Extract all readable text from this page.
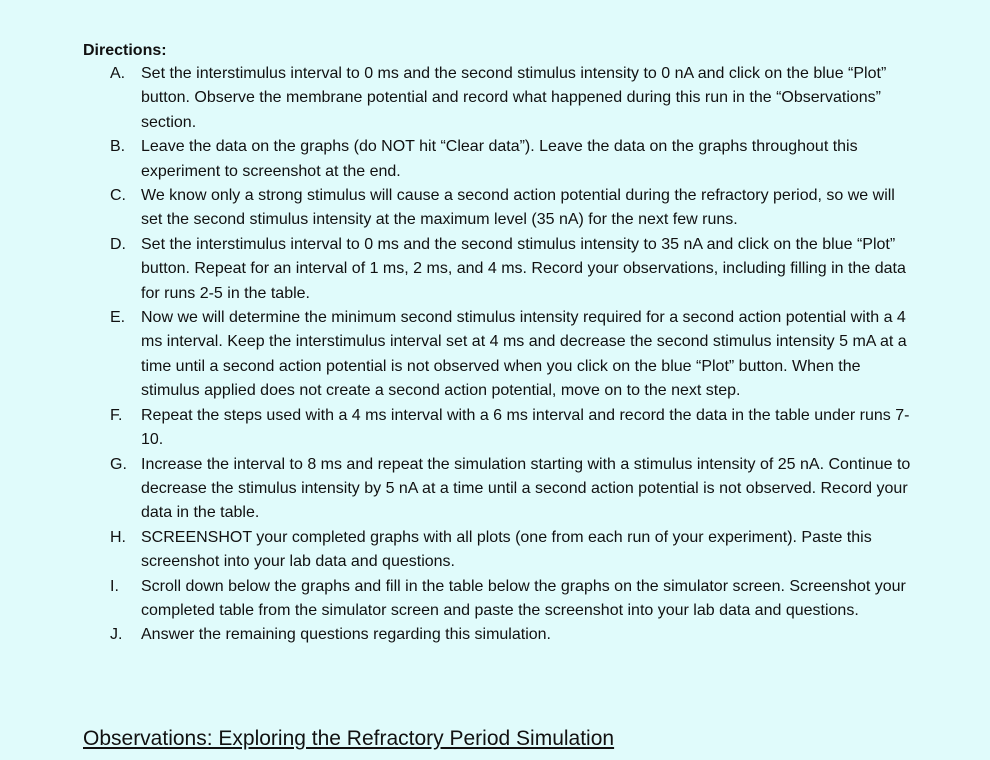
Directions:
A. Set the interstimulus interval to 0 ms and the second stimulus intensity to 0 nA and click on the blue “Plot” button. Observe the membrane potential and record what happened during this run in the “Observations” section.
B. Leave the data on the graphs (do NOT hit “Clear data”). Leave the data on the graphs throughout this experiment to screenshot at the end.
C. We know only a strong stimulus will cause a second action potential during the refractory period, so we will set the second stimulus intensity at the maximum level (35 nA) for the next few runs.
D. Set the interstimulus interval to 0 ms and the second stimulus intensity to 35 nA and click on the blue “Plot” button. Repeat for an interval of 1 ms, 2 ms, and 4 ms. Record your observations, including filling in the data for runs 2-5 in the table.
E. Now we will determine the minimum second stimulus intensity required for a second action potential with a 4 ms interval. Keep the interstimulus interval set at 4 ms and decrease the second stimulus intensity 5 mA at a time until a second action potential is not observed when you click on the blue “Plot” button. When the stimulus applied does not create a second action potential, move on to the next step.
F. Repeat the steps used with a 4 ms interval with a 6 ms interval and record the data in the table under runs 7-10.
G. Increase the interval to 8 ms and repeat the simulation starting with a stimulus intensity of 25 nA. Continue to decrease the stimulus intensity by 5 nA at a time until a second action potential is not observed. Record your data in the table.
H. SCREENSHOT your completed graphs with all plots (one from each run of your experiment). Paste this screenshot into your lab data and questions.
I. Scroll down below the graphs and fill in the table below the graphs on the simulator screen. Screenshot your completed table from the simulator screen and paste the screenshot into your lab data and questions.
J. Answer the remaining questions regarding this simulation.
Observations: Exploring the Refractory Period Simulation
